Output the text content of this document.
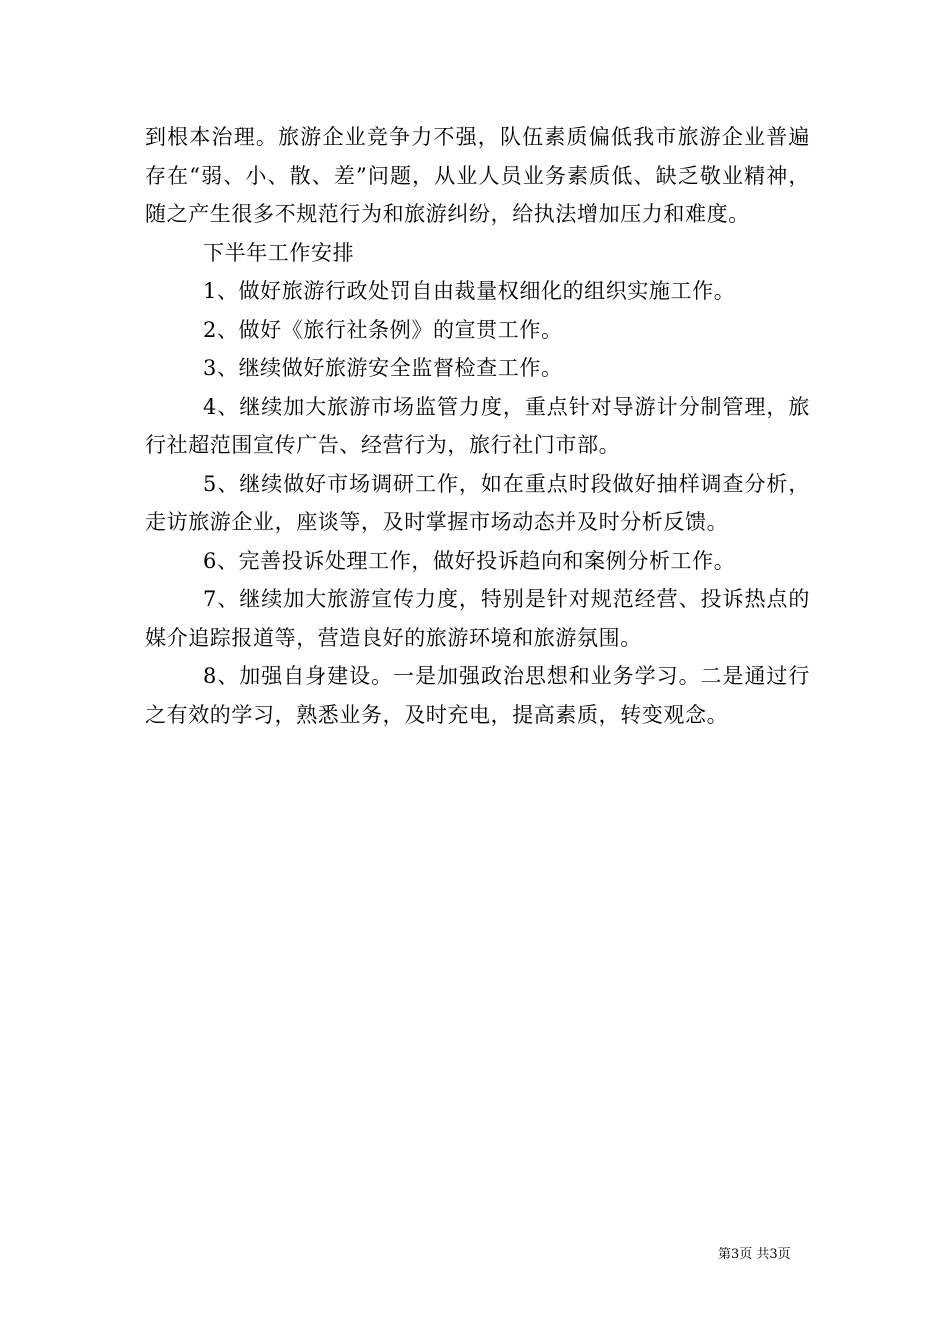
到根本治理。旅游企业竞争力不强，队伍素质偏低我市旅游企业普遍存在“弱、小、散、差”问题，从业人员业务素质低、缺乏敬业精神，随之产生很多不规范行为和旅游纠纷，给执法增加压力和难度。

下半年工作安排

1、做好旅游行政处罚自由裁量权细化的组织实施工作。

2、做好《旅行社条例》的宣贯工作。

3、继续做好旅游安全监督检查工作。

4、继续加大旅游市场监管力度，重点针对导游计分制管理，旅行社超范围宣传广告、经营行为，旅行社门市部。

5、继续做好市场调研工作，如在重点时段做好抽样调查分析，走访旅游企业，座谈等，及时掌握市场动态并及时分析反馈。

6、完善投诉处理工作，做好投诉趋向和案例分析工作。

7、继续加大旅游宣传力度，特别是针对规范经营、投诉热点的媒介追踪报道等，营造良好的旅游环境和旅游氛围。

8、加强自身建设。一是加强政治思想和业务学习。二是通过行之有效的学习，熟悉业务，及时充电，提高素质，转变观念。

第3页 共3页
